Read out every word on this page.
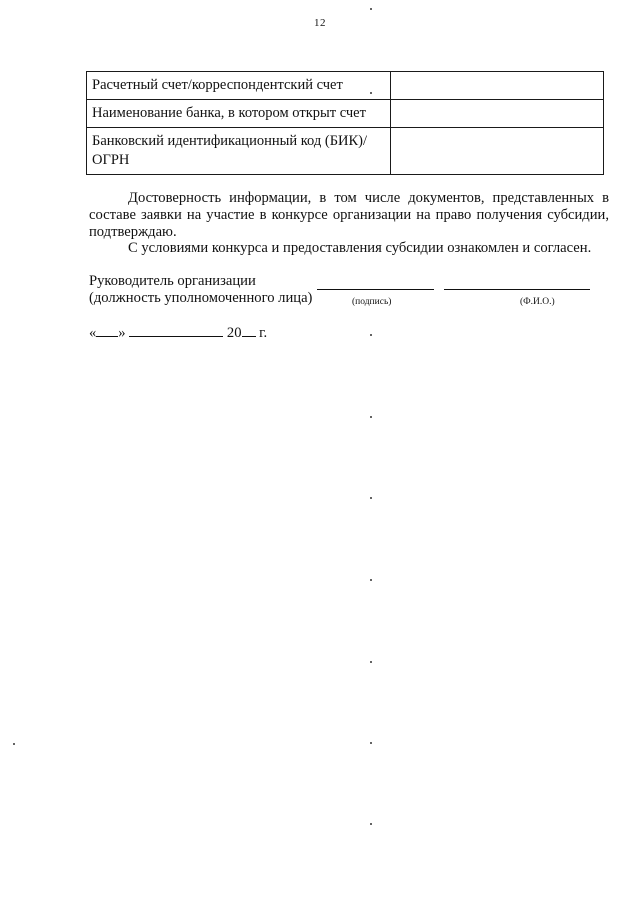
12
Расчетный счет/корреспондентский счет	
Наименование банка, в котором открыт счет	
Банковский идентификационный код (БИК)/ОГРН	
Достоверность информации, в том числе документов, представленных в составе заявки на участие в конкурсе организации на право получения субсидии, подтверждаю.
С условиями конкурса и предоставления субсидии ознакомлен и согласен.
Руководитель организации
(должность уполномоченного лица)	(подпись)	(Ф.И.О.)
« »	20 г.
